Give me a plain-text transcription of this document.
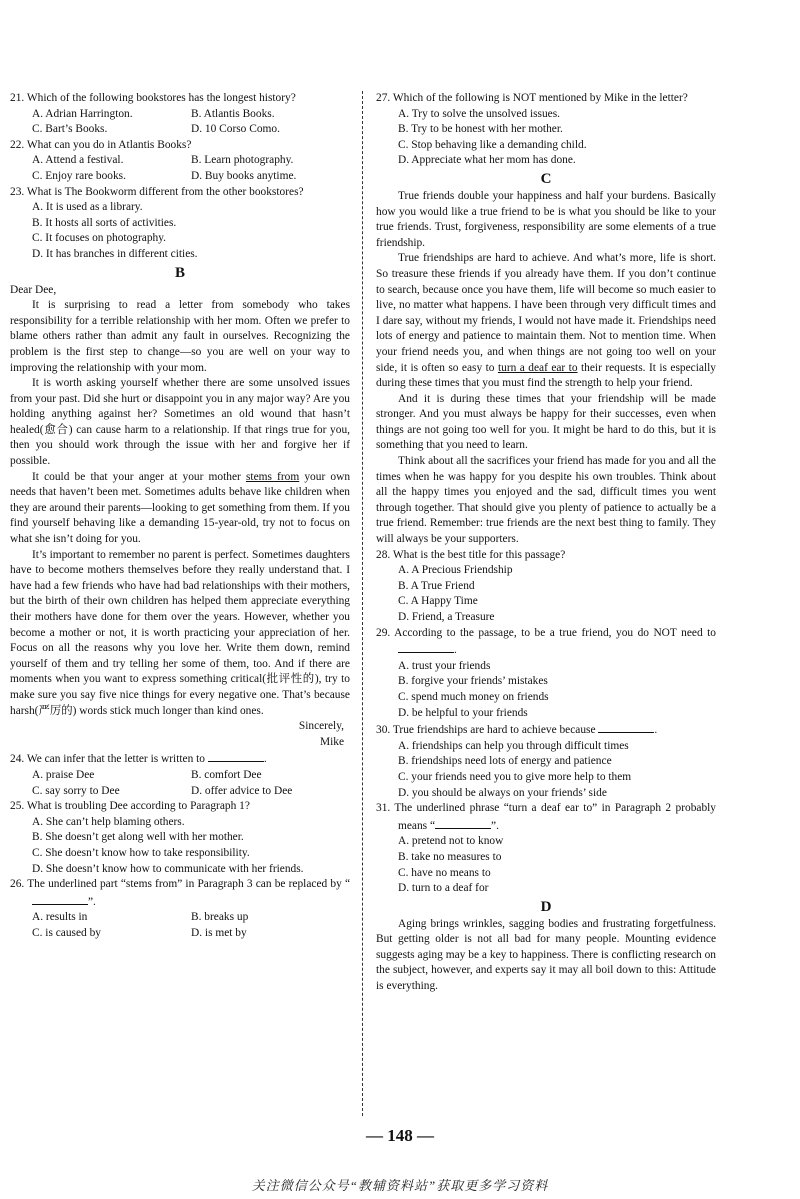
21. Which of the following bookstores has the longest history?
A. Adrian Harrington.	B. Atlantis Books.
C. Bart’s Books.	D. 10 Corso Como.
22. What can you do in Atlantis Books?
A. Attend a festival.	B. Learn photography.
C. Enjoy rare books.	D. Buy books anytime.
23. What is The Bookworm different from the other bookstores?
A. It is used as a library.
B. It hosts all sorts of activities.
C. It focuses on photography.
D. It has branches in different cities.
B
Dear Dee,

It is surprising to read a letter from somebody who takes responsibility for a terrible relationship with her mom. Often we prefer to blame others rather than admit any fault in ourselves. Recognizing the problem is the first step to change—so you are well on your way to improving the relationship with your mom.

It is worth asking yourself whether there are some unsolved issues from your past. Did she hurt or disappoint you in any major way? Are you holding anything against her? Sometimes an old wound that hasn’t healed(愈合) can cause harm to a relationship. If that rings true for you, then you should work through the issue with her and forgive her if possible.

It could be that your anger at your mother stems from your own needs that haven’t been met. Sometimes adults behave like children when they are around their parents—looking to get something from them. If you find yourself behaving like a demanding 15-year-old, try not to focus on what she isn’t doing for you.

It’s important to remember no parent is perfect. Sometimes daughters have to become mothers themselves before they really understand that. I have had a few friends who have had bad relationships with their mothers, but the birth of their own children has helped them appreciate everything their mothers have done for them over the years. However, whether you become a mother or not, it is worth practicing your appreciation of her. Focus on all the reasons why you love her. Write them down, remind yourself of them and try telling her some of them, too. And if there are moments when you want to express something critical(批评性的), try to make sure you say five nice things for every negative one. That’s because harsh(严厉的) words stick much longer than kind ones.

Sincerely,
Mike
24. We can infer that the letter is written to	.
A. praise Dee	B. comfort Dee
C. say sorry to Dee	D. offer advice to Dee
25. What is troubling Dee according to Paragraph 1?
A. She can’t help blaming others.
B. She doesn’t get along well with her mother.
C. She doesn’t know how to take responsibility.
D. She doesn’t know how to communicate with her friends.
26. The underlined part “stems from” in Paragraph 3 can be replaced by “”.
A. results in	B. breaks up
C. is caused by	D. is met by
27. Which of the following is NOT mentioned by Mike in the letter?
A. Try to solve the unsolved issues.
B. Try to be honest with her mother.
C. Stop behaving like a demanding child.
D. Appreciate what her mom has done.
C

True friends double your happiness and half your burdens. Basically how you would like a true friend to be is what you should be like to your true friends. Trust, forgiveness, responsibility are some elements of a true friendship.

True friendships are hard to achieve. And what’s more, life is short. So treasure these friends if you already have them. If you don’t continue to search, because once you have them, life will become so much easier to live, no matter what happens. I have been through very difficult times and I dare say, without my friends, I would not have made it. Friendships need lots of energy and patience to maintain them. Not to mention time. When your friend needs you, and when things are not going too well on your side, it is often so easy to turn a deaf ear to their requests. It is especially during these times that you must find the strength to help your friend.

And it is during these times that your friendship will be made stronger. And you must always be happy for their successes, even when things are not going too well for you. It might be hard to do this, but it is something that you need to learn.

Think about all the sacrifices your friend has made for you and all the times when he was happy for you despite his own troubles. Think about all the happy times you enjoyed and the sad, difficult times you went through together. That should give you plenty of patience to actually be a true friend. Remember: true friends are the next best thing to family. They will always be your supporters.

28. What is the best title for this passage?
A. A Precious Friendship
B. A True Friend
C. A Happy Time
D. Friend, a Treasure
29. According to the passage, to be a true friend, you do NOT need to .
A. trust your friends
B. forgive your friends’ mistakes
C. spend much money on friends
D. be helpful to your friends
30. True friendships are hard to achieve because	.
A. friendships can help you through difficult times
B. friendships need lots of energy and patience
C. your friends need you to give more help to them
D. you should be always on your friends’ side
31. The underlined phrase “turn a deaf ear to” in Paragraph 2 probably means “	”.
A. pretend not to know
B. take no measures to
C. have no means to
D. turn to a deaf for
D

Aging brings wrinkles, sagging bodies and frustrating forgetfulness. But getting older is not all bad for many people. Mounting evidence suggests aging may be a key to happiness. There is conflicting research on the subject, however, and experts say it may all boil down to this: Attitude is everything.

— 148 —
关注微信公众号“教辅资料站”获取更多学习资料
